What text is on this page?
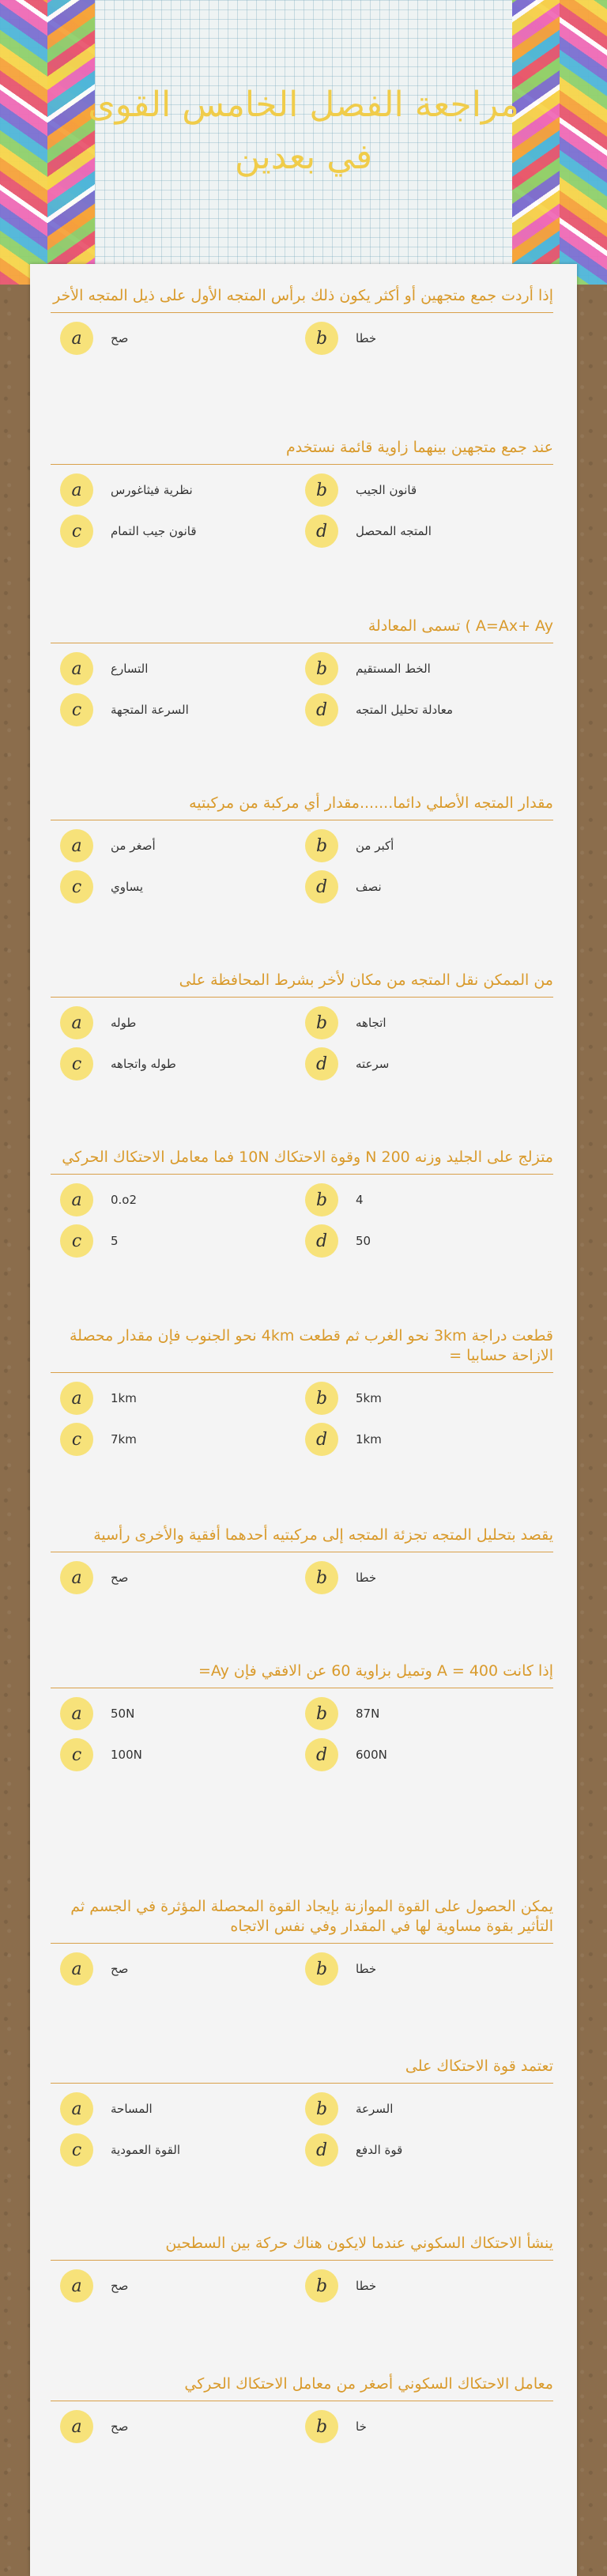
مراجعة الفصل الخامس القوى في بعدين
إذا أردت جمع متجهين أو أكثر يكون ذلك برأس المتجه الأول على ذيل المتجه الأخر
a	صح	b	خطا
عند جمع متجهين بينهما زاوية قائمة نستخدم
a	نظرية فيثاغورس	b	قانون الجيب
c	قانون جيب التمام	d	المتجه المحصل
A=Ax+ Ay ) تسمى المعادلة
a	التسارع	b	الخط المستقيم
c	السرعة المتجهة	d	معادلة تحليل المتجه
مقدار المتجه الأصلي دائما.......مقدار أي مركبة من مركبتيه
a	أصغر من	b	أكبر من
c	يساوي	d	نصف
من الممكن نقل المتجه من مكان لأخر بشرط المحافظة على
a	طوله	b	اتجاهه
c	طوله واتجاهه	d	سرعته
متزلج على الجليد وزنه 200 N وقوة الاحتكاك 10N فما معامل الاحتكاك الحركي
a	0.o2	b	4
c	5	d	50
قطعت دراجة 3km نحو الغرب ثم قطعت 4km نحو الجنوب فإن مقدار محصلة الازاحة حسابيا =
a	1km	b	5km
c	7km	d	1km
يقصد بتحليل المتجه تجزئة المتجه إلى مركبتيه أحدهما أفقية والأخرى رأسية
a	صح	b	خطا
إذا كانت A = 400 وتميل بزاوية 60 عن الافقي فإن Ay=
a	50N	b	87N
c	100N	d	600N
يمكن الحصول على القوة الموازنة بإيجاد القوة المحصلة المؤثرة في الجسم ثم التأثير بقوة مساوية لها في المقدار وفي نفس الاتجاه
a	صح	b	خطا
تعتمد قوة الاحتكاك على
a	المساحة	b	السرعة
c	القوة العمودية	d	قوة الدفع
ينشأ الاحتكاك السكوني عندما لايكون هناك حركة بين السطحين
a	صح	b	خطا
معامل الاحتكاك السكوني أصغر من معامل الاحتكاك الحركي
a	صح	b	خا
